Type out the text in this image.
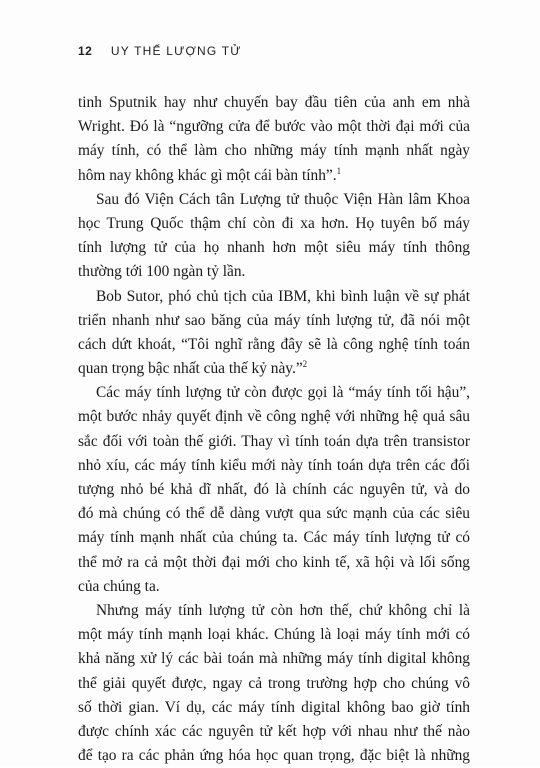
12 UY THẾ LƯỢNG TỬ
tinh Sputnik hay như chuyến bay đầu tiên của anh em nhà
Wright. Đó là “ngưỡng cửa để bước vào một thời đại mới của
máy tính, có thể làm cho những máy tính mạnh nhất ngày
hôm nay không khác gì một cái bàn tính”.$^1$
Sau đó Viện Cách tân Lượng tử thuộc Viện Hàn lâm Khoa
học Trung Quốc thậm chí còn đi xa hơn. Họ tuyên bố máy
tính lượng tử của họ nhanh hơn một siêu máy tính thông
thường tới 100 ngàn tỷ lần.
Bob Sutor, phó chủ tịch của IBM, khi bình luận về sự phát
triển nhanh như sao băng của máy tính lượng tử, đã nói một
cách dứt khoát, “Tôi nghĩ rằng đây sẽ là công nghệ tính toán
quan trọng bậc nhất của thế kỷ này.”$^2$
Các máy tính lượng tử còn được gọi là “máy tính tối hậu”,
một bước nhảy quyết định về công nghệ với những hệ quả sâu
sắc đối với toàn thế giới. Thay vì tính toán dựa trên transistor
nhỏ xíu, các máy tính kiểu mới này tính toán dựa trên các đối
tượng nhỏ bé khả dĩ nhất, đó là chính các nguyên tử, và do
đó mà chúng có thể dễ dàng vượt qua sức mạnh của các siêu
máy tính mạnh nhất của chúng ta. Các máy tính lượng tử có
thể mở ra cả một thời đại mới cho kinh tế, xã hội và lối sống
của chúng ta.
Nhưng máy tính lượng tử còn hơn thế, chứ không chỉ là
một máy tính mạnh loại khác. Chúng là loại máy tính mới có
khả năng xử lý các bài toán mà những máy tính digital không
thể giải quyết được, ngay cả trong trường hợp cho chúng vô
số thời gian. Ví dụ, các máy tính digital không bao giờ tính
được chính xác các nguyên tử kết hợp với nhau như thế nào
để tạo ra các phản ứng hóa học quan trọng, đặc biệt là những
